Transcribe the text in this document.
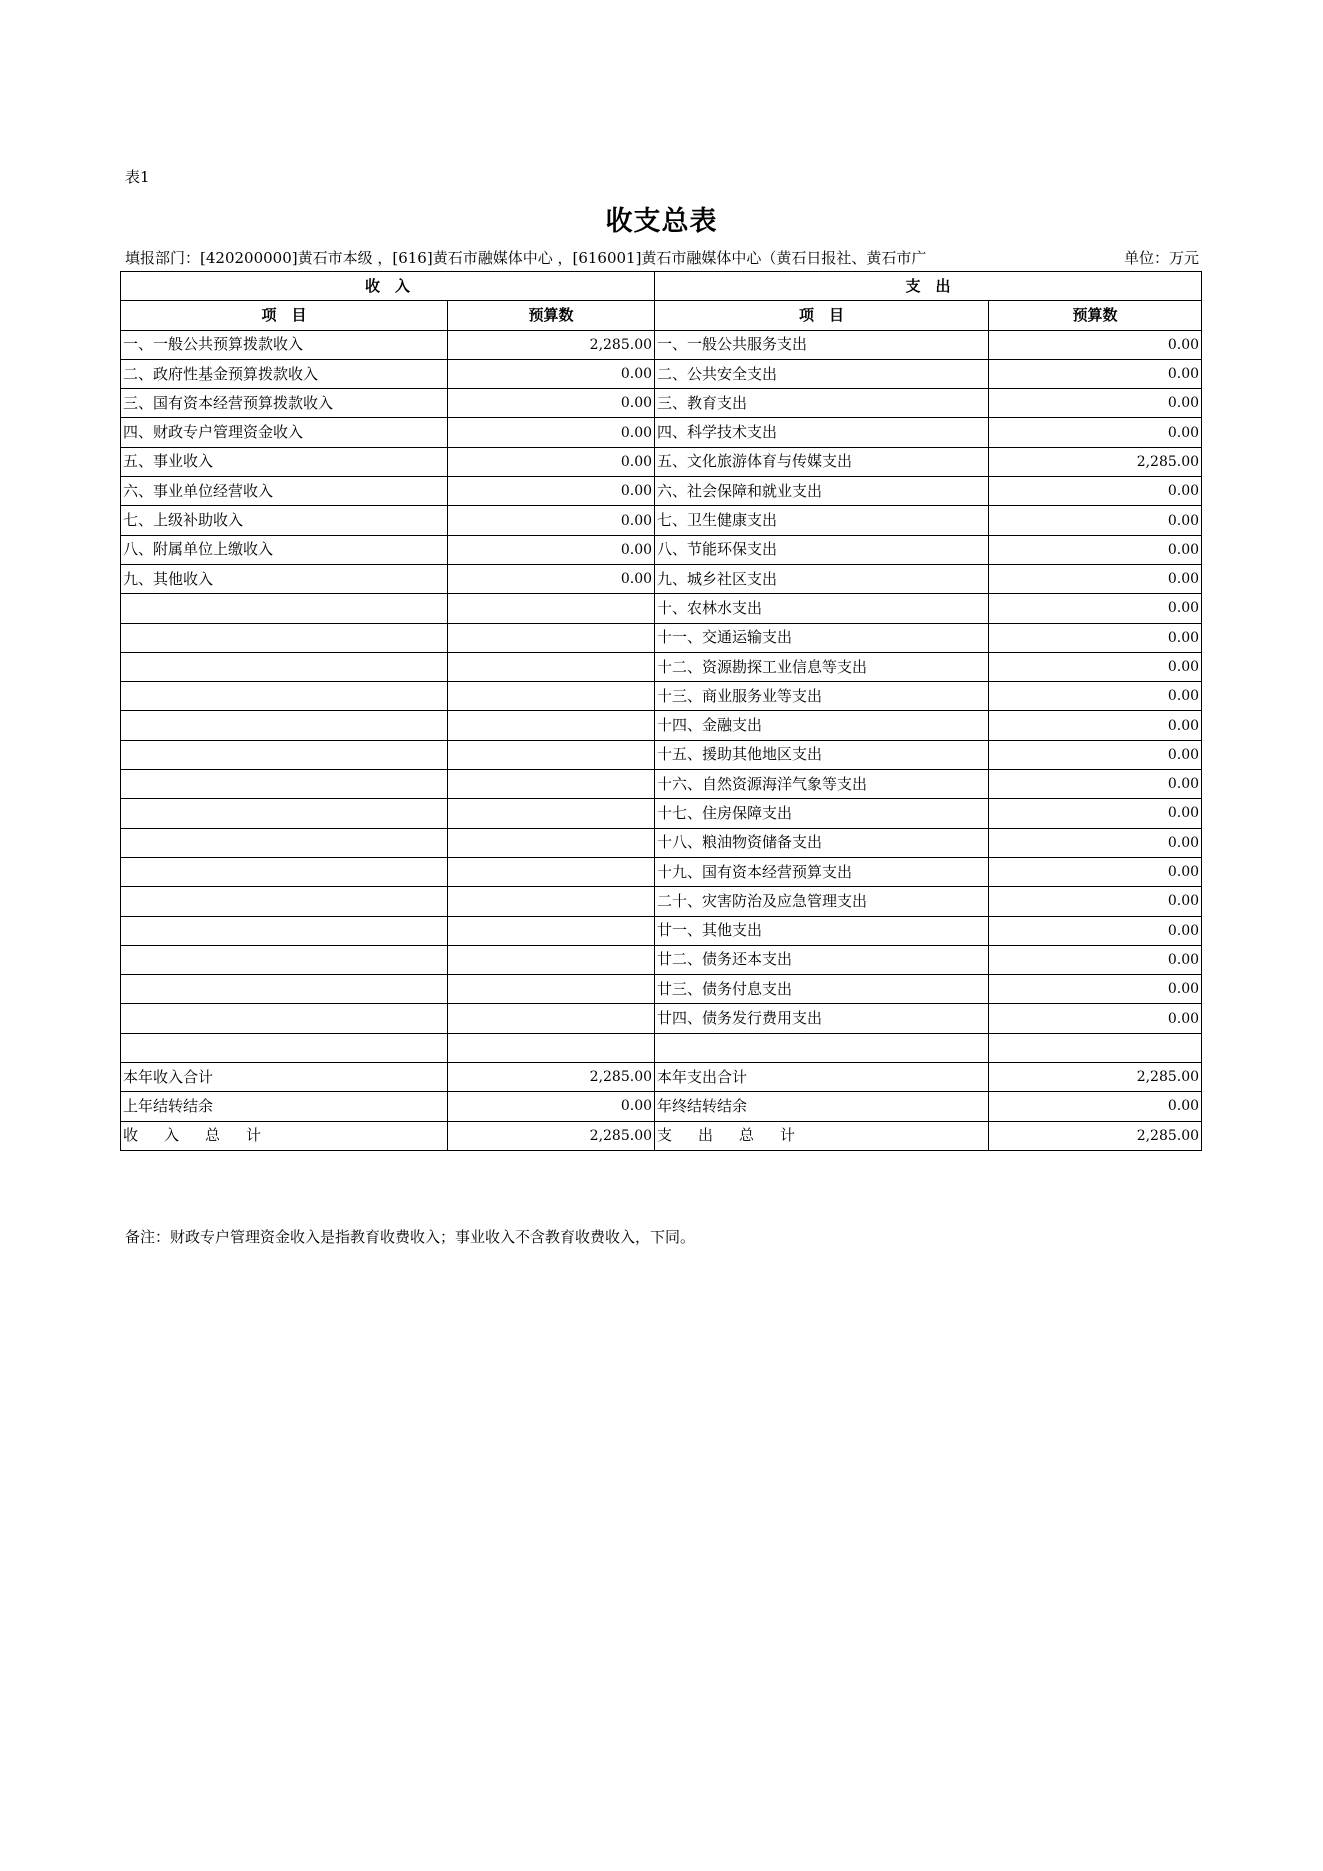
表1
收支总表
填报部门：[420200000]黄石市本级 ，[616]黄石市融媒体中心 ，[616001]黄石市融媒体中心（黄石日报社、黄石市广	单位：万元
收　入		支　出	
项　目	预算数	项　目	预算数
一、一般公共预算拨款收入	2,285.00	一、一般公共服务支出	0.00
二、政府性基金预算拨款收入	0.00	二、公共安全支出	0.00
三、国有资本经营预算拨款收入	0.00	三、教育支出	0.00
四、财政专户管理资金收入	0.00	四、科学技术支出	0.00
五、事业收入	0.00	五、文化旅游体育与传媒支出	2,285.00
六、事业单位经营收入	0.00	六、社会保障和就业支出	0.00
七、上级补助收入	0.00	七、卫生健康支出	0.00
八、附属单位上缴收入	0.00	八、节能环保支出	0.00
九、其他收入	0.00	九、城乡社区支出	0.00
		十、农林水支出	0.00
		十一、交通运输支出	0.00
		十二、资源勘探工业信息等支出	0.00
		十三、商业服务业等支出	0.00
		十四、金融支出	0.00
		十五、援助其他地区支出	0.00
		十六、自然资源海洋气象等支出	0.00
		十七、住房保障支出	0.00
		十八、粮油物资储备支出	0.00
		十九、国有资本经营预算支出	0.00
		二十、灾害防治及应急管理支出	0.00
		廿一、其他支出	0.00
		廿二、债务还本支出	0.00
		廿三、债务付息支出	0.00
		廿四、债务发行费用支出	0.00

本年收入合计	2,285.00	本年支出合计	2,285.00
上年结转结余	0.00	年终结转结余	0.00
收入总计	2,285.00	支出总计	2,285.00
备注：财政专户管理资金收入是指教育收费收入；事业收入不含教育收费收入，下同。
